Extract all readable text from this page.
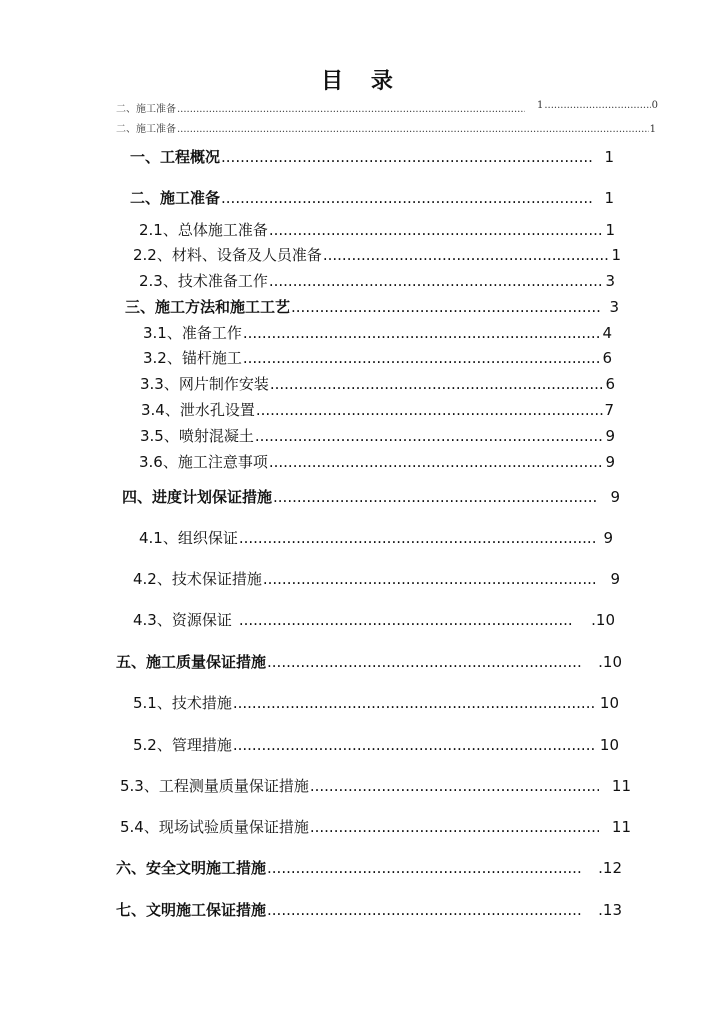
目 录
二、施工准备 .....	1 .....	0
二、施工准备 .....	1
一、工程概况 .....	1
二、施工准备 .....	1
2.1、总体施工准备 .....	1
2.2、材料、设备及人员准备 .....	1
2.3、技术准备工作 .....	3
三、施工方法和施工工艺 .....	3
3.1、准备工作 .....	4
3.2、锚杆施工 .....	6
3.3、网片制作安装 .....	6
3.4、泄水孔设置 .....	7
3.5、喷射混凝土 .....	9
3.6、施工注意事项 .....	9
四、进度计划保证措施 .....	9
4.1、组织保证 .....	9
4.2、技术保证措施 .....	9
4.3、资源保证 .....	.10
五、施工质量保证措施 .....	.10
5.1、技术措施 .....	10
5.2、管理措施 .....	10
5.3、工程测量质量保证措施 .....	11
5.4、现场试验质量保证措施 .....	11
六、安全文明施工措施 .....	.12
七、文明施工保证措施 .....	.13
